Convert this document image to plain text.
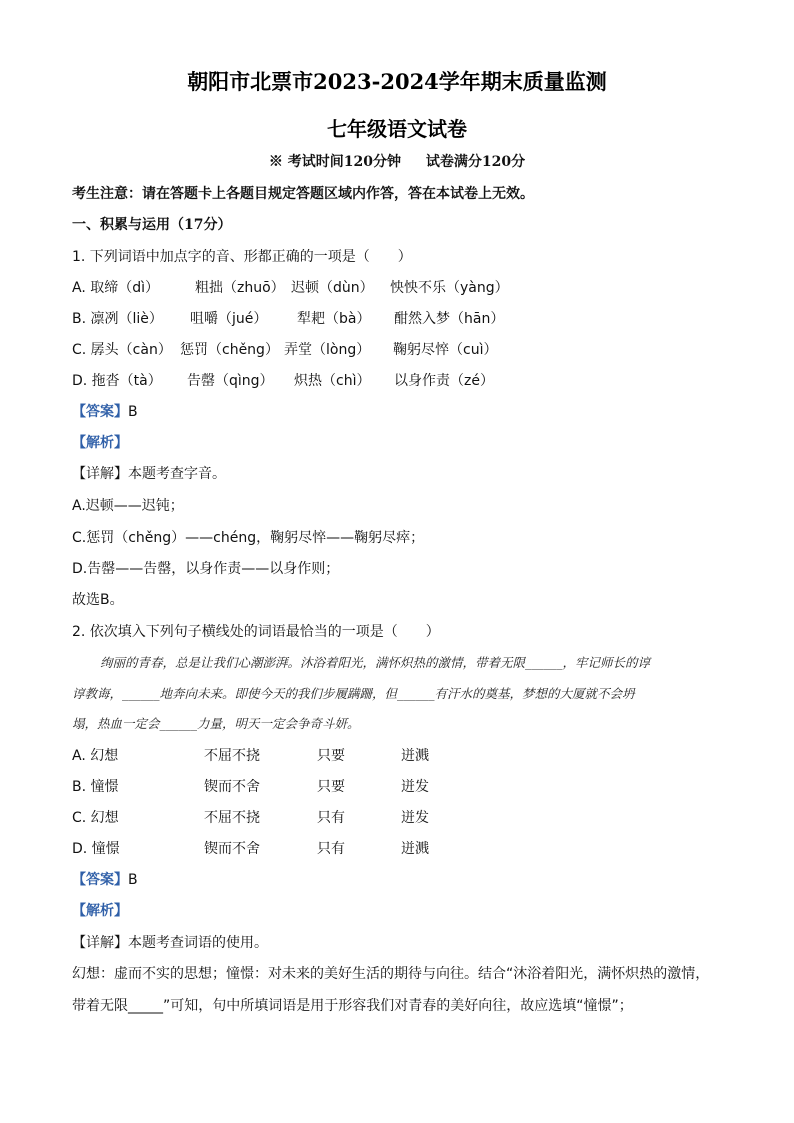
朝阳市北票市2023-2024学年期末质量监测
七年级语文试卷
※ 考试时间120分钟 试卷满分120分
考生注意：请在答题卡上各题目规定答题区域内作答，答在本试卷上无效。
一、积累与运用（17分）
1. 下列词语中加点字的音、形都正确的一项是（　　）
A. 取缔（dì）	粗拙（zhuō） 迟顿（dùn） 怏怏不乐（yàng）
B. 凛冽（liè） 咀嚼（jué） 犁耙（bà） 酣然入梦（hān）
C. 孱头（càn） 惩罚（chěng） 弄堂（lòng） 鞠躬尽悴（cuì）
D. 拖沓（tà） 告罄（qìng） 炽热（chì） 以身作责（zé）
【答案】B
【解析】
【详解】本题考查字音。
A.迟顿——迟钝；
C.惩罚（chěng）——chéng，鞠躬尽悴——鞠躬尽瘁；
D.告罄——告罄，以身作责——以身作则；
故选B。
2. 依次填入下列句子横线处的词语最恰当的一项是（　　）
绚丽的青春，总是让我们心潮澎湃。沐浴着阳光，满怀炽热的激情，带着无限______，牢记师长的谆
谆教诲，______地奔向未来。即使今天的我们步履蹒跚，但______有汗水的奠基，梦想的大厦就不会坍
塌，热血一定会______力量，明天一定会争奇斗妍。
A. 幻想	不屈不挠	只要	迸溅
B. 憧憬	锲而不舍	只要	迸发
C. 幻想	不屈不挠	只有	迸发
D. 憧憬	锲而不舍	只有	迸溅
【答案】B
【解析】
【详解】本题考查词语的使用。
幻想：虚而不实的思想；憧憬：对未来的美好生活的期待与向往。结合“沐浴着阳光，满怀炽热的激情，
带着无限_____”可知，句中所填词语是用于形容我们对青春的美好向往，故应选填“憧憬”；
